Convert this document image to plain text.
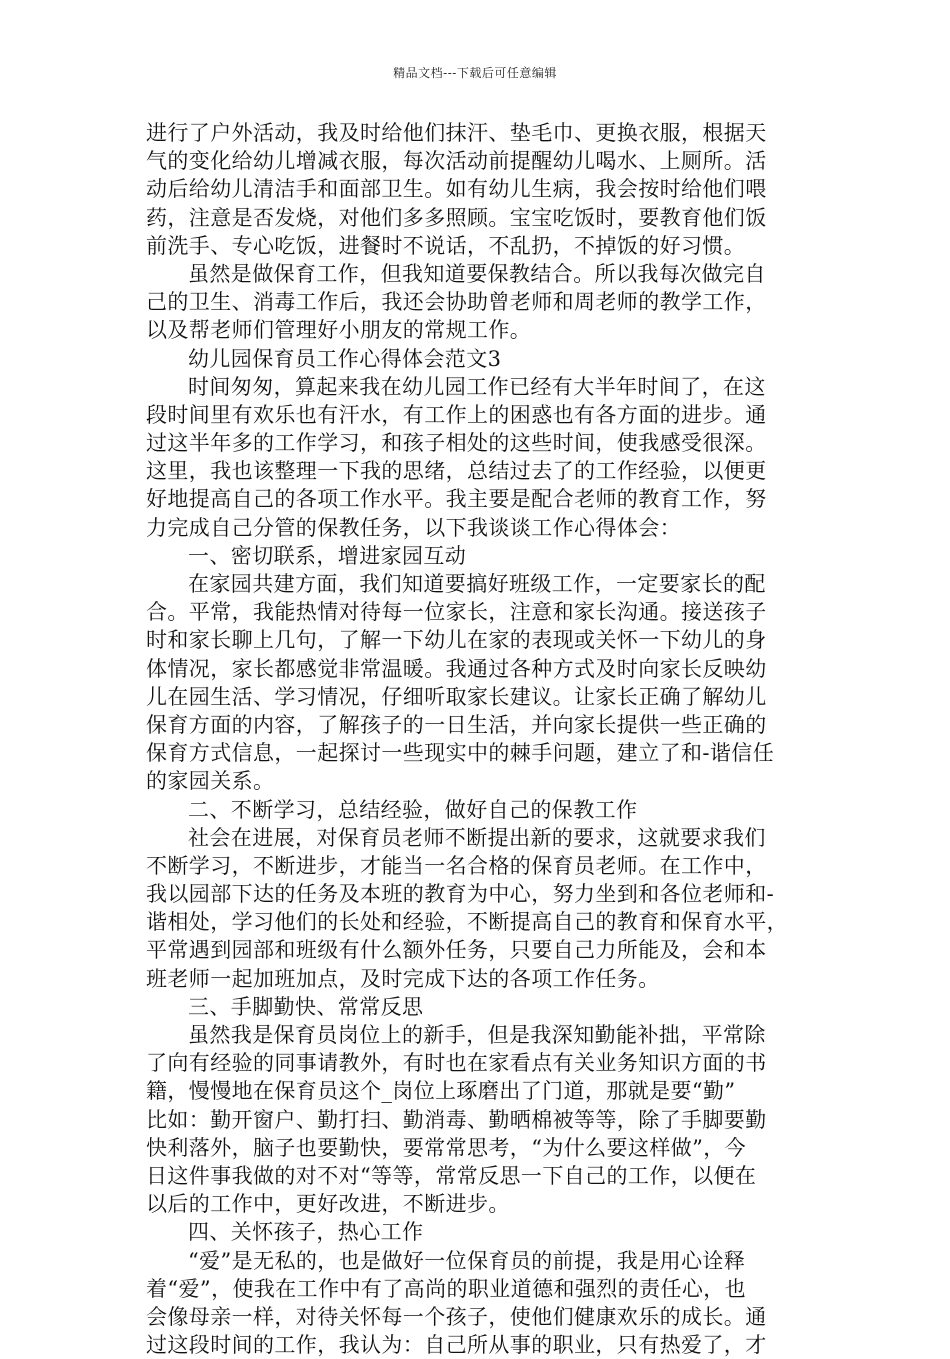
精品文档---下载后可任意编辑
进行了户外活动，我及时给他们抹汗、垫毛巾、更换衣服，根据天
气的变化给幼儿增减衣服，每次活动前提醒幼儿喝水、上厕所。活
动后给幼儿清洁手和面部卫生。如有幼儿生病，我会按时给他们喂
药，注意是否发烧，对他们多多照顾。宝宝吃饭时，要教育他们饭
前洗手、专心吃饭，进餐时不说话，不乱扔，不掉饭的好习惯。
虽然是做保育工作，但我知道要保教结合。所以我每次做完自
己的卫生、消毒工作后，我还会协助曾老师和周老师的教学工作，
以及帮老师们管理好小朋友的常规工作。
幼儿园保育员工作心得体会范文3
时间匆匆，算起来我在幼儿园工作已经有大半年时间了，在这
段时间里有欢乐也有汗水，有工作上的困惑也有各方面的进步。通
过这半年多的工作学习，和孩子相处的这些时间，使我感受很深。
这里，我也该整理一下我的思绪，总结过去了的工作经验，以便更
好地提高自己的各项工作水平。我主要是配合老师的教育工作，努
力完成自己分管的保教任务，以下我谈谈工作心得体会：
一、密切联系，增进家园互动
在家园共建方面，我们知道要搞好班级工作，一定要家长的配
合。平常，我能热情对待每一位家长，注意和家长沟通。接送孩子
时和家长聊上几句，了解一下幼儿在家的表现或关怀一下幼儿的身
体情况，家长都感觉非常温暖。我通过各种方式及时向家长反映幼
儿在园生活、学习情况，仔细听取家长建议。让家长正确了解幼儿
保育方面的内容，了解孩子的一日生活，并向家长提供一些正确的
保育方式信息，一起探讨一些现实中的棘手问题，建立了和-谐信任
的家园关系。
二、不断学习，总结经验，做好自己的保教工作
社会在进展，对保育员老师不断提出新的要求，这就要求我们
不断学习，不断进步，才能当一名合格的保育员老师。在工作中，
我以园部下达的任务及本班的教育为中心，努力坐到和各位老师和-
谐相处，学习他们的长处和经验，不断提高自己的教育和保育水平，
平常遇到园部和班级有什么额外任务，只要自己力所能及，会和本
班老师一起加班加点，及时完成下达的各项工作任务。
三、手脚勤快、常常反思
虽然我是保育员岗位上的新手，但是我深知勤能补拙，平常除
了向有经验的同事请教外，有时也在家看点有关业务知识方面的书
籍，慢慢地在保育员这个_岗位上琢磨出了门道，那就是要“勤”
比如：勤开窗户、勤打扫、勤消毒、勤晒棉被等等，除了手脚要勤
快利落外，脑子也要勤快，要常常思考，“为什么要这样做”，今
日这件事我做的对不对“等等，常常反思一下自己的工作，以便在
以后的工作中，更好改进，不断进步。
四、关怀孩子，热心工作
“爱”是无私的，也是做好一位保育员的前提，我是用心诠释
着“爱”，使我在工作中有了高尚的职业道德和强烈的责任心，也
会像母亲一样，对待关怀每一个孩子，使他们健康欢乐的成长。通
过这段时间的工作，我认为：自己所从事的职业，只有热爱了，才
